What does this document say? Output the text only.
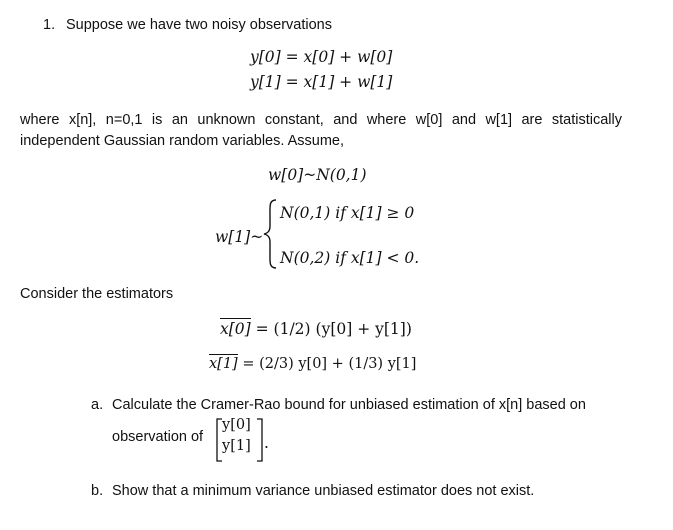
1. Suppose we have two noisy observations
y[0] = x[0] + w[0]
y[1] = x[1] + w[1]
where x[n], n=0,1 is an unknown constant, and where w[0] and w[1] are statistically independent Gaussian random variables. Assume,
w[0]~N(0,1)
w[1]~
N(0,1) if x[1] ≥ 0
N(0,2) if x[1] < 0.
Consider the estimators
x[0] = (1/2) (y[0] + y[1])
x[1] = (2/3) y[0] + (1/3) y[1]
a. Calculate the Cramer-Rao bound for unbiased estimation of x[n] based on
observation of
y[0]
y[1] .
b. Show that a minimum variance unbiased estimator does not exist.
